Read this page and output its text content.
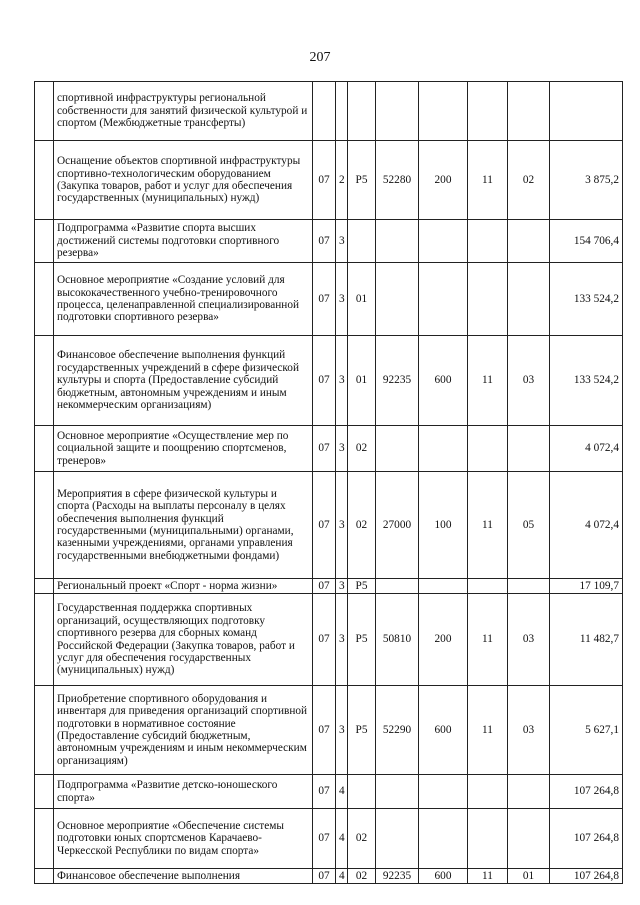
207
	спортивной инфраструктуры региональной собственности для занятий физической культурой и спортом (Межбюджетные трансферты)								
	Оснащение объектов спортивной инфраструктуры спортивно-технологическим оборудованием (Закупка товаров, работ и услуг для обеспечения государственных (муниципальных) нужд)	07	2	P5	52280	200	11	02	3 875,2
	Подпрограмма «Развитие спорта высших достижений системы подготовки спортивного резерва»	07	3						154 706,4
	Основное мероприятие «Создание условий для высококачественного учебно-тренировочного процесса, целенаправленной специализированной подготовки спортивного резерва»	07	3	01					133 524,2
	Финансовое обеспечение выполнения функций государственных учреждений в сфере физической культуры и спорта (Предоставление субсидий бюджетным, автономным учреждениям и иным некоммерческим организациям)	07	3	01	92235	600	11	03	133 524,2
	Основное мероприятие «Осуществление мер по социальной защите и поощрению спортсменов, тренеров»	07	3	02					4 072,4
	Мероприятия в сфере физической культуры и спорта (Расходы на выплаты персоналу в целях обеспечения выполнения функций государственными (муниципальными) органами, казенными учреждениями, органами управления государственными внебюджетными фондами)	07	3	02	27000	100	11	05	4 072,4
	Региональный проект «Спорт - норма жизни»	07	3	P5					17 109,7
	Государственная поддержка спортивных организаций, осуществляющих подготовку спортивного резерва для сборных команд Российской Федерации (Закупка товаров, работ и услуг для обеспечения государственных (муниципальных) нужд)	07	3	P5	50810	200	11	03	11 482,7
	Приобретение спортивного оборудования и инвентаря для приведения организаций спортивной подготовки в нормативное состояние (Предоставление субсидий бюджетным, автономным учреждениям и иным некоммерческим организациям)	07	3	P5	52290	600	11	03	5 627,1
	Подпрограмма «Развитие детско-юношеского спорта»	07	4						107 264,8
	Основное мероприятие «Обеспечение системы подготовки юных спортсменов Карачаево-Черкесской Республики по видам спорта»	07	4	02					107 264,8
	Финансовое обеспечение выполнения	07	4	02	92235	600	11	01	107 264,8
